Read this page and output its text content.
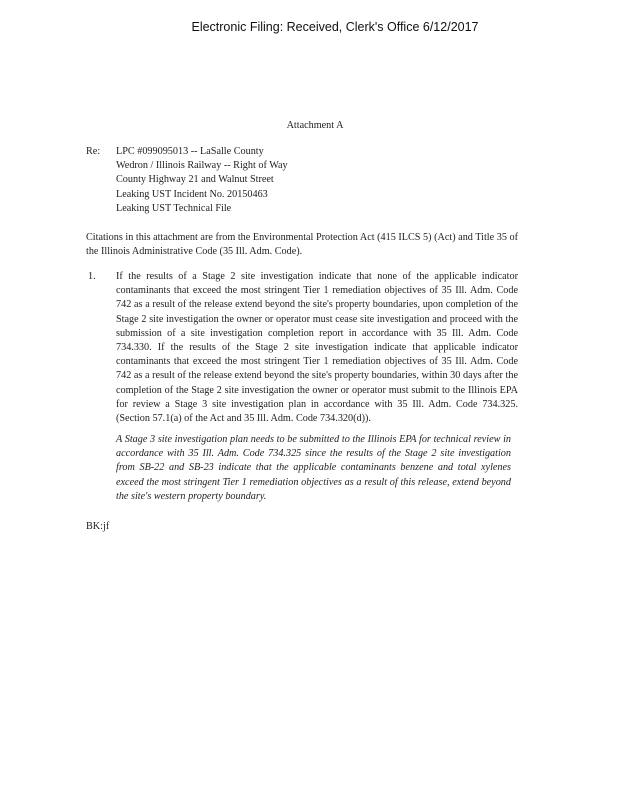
Electronic Filing: Received, Clerk's Office 6/12/2017
Attachment A
Re: LPC #099095013 -- LaSalle County
Wedron / Illinois Railway -- Right of Way
County Highway 21 and Walnut Street
Leaking UST Incident No. 20150463
Leaking UST Technical File
Citations in this attachment are from the Environmental Protection Act (415 ILCS 5) (Act) and Title 35 of the Illinois Administrative Code (35 Ill. Adm. Code).
1. If the results of a Stage 2 site investigation indicate that none of the applicable indicator contaminants that exceed the most stringent Tier 1 remediation objectives of 35 Ill. Adm. Code 742 as a result of the release extend beyond the site's property boundaries, upon completion of the Stage 2 site investigation the owner or operator must cease site investigation and proceed with the submission of a site investigation completion report in accordance with 35 Ill. Adm. Code 734.330. If the results of the Stage 2 site investigation indicate that applicable indicator contaminants that exceed the most stringent Tier 1 remediation objectives of 35 Ill. Adm. Code 742 as a result of the release extend beyond the site's property boundaries, within 30 days after the completion of the Stage 2 site investigation the owner or operator must submit to the Illinois EPA for review a Stage 3 site investigation plan in accordance with 35 Ill. Adm. Code 734.325. (Section 57.1(a) of the Act and 35 Ill. Adm. Code 734.320(d)).
A Stage 3 site investigation plan needs to be submitted to the Illinois EPA for technical review in accordance with 35 Ill. Adm. Code 734.325 since the results of the Stage 2 site investigation from SB-22 and SB-23 indicate that the applicable contaminants benzene and total xylenes exceed the most stringent Tier 1 remediation objectives as a result of this release, extend beyond the site's western property boundary.
BK:jf
